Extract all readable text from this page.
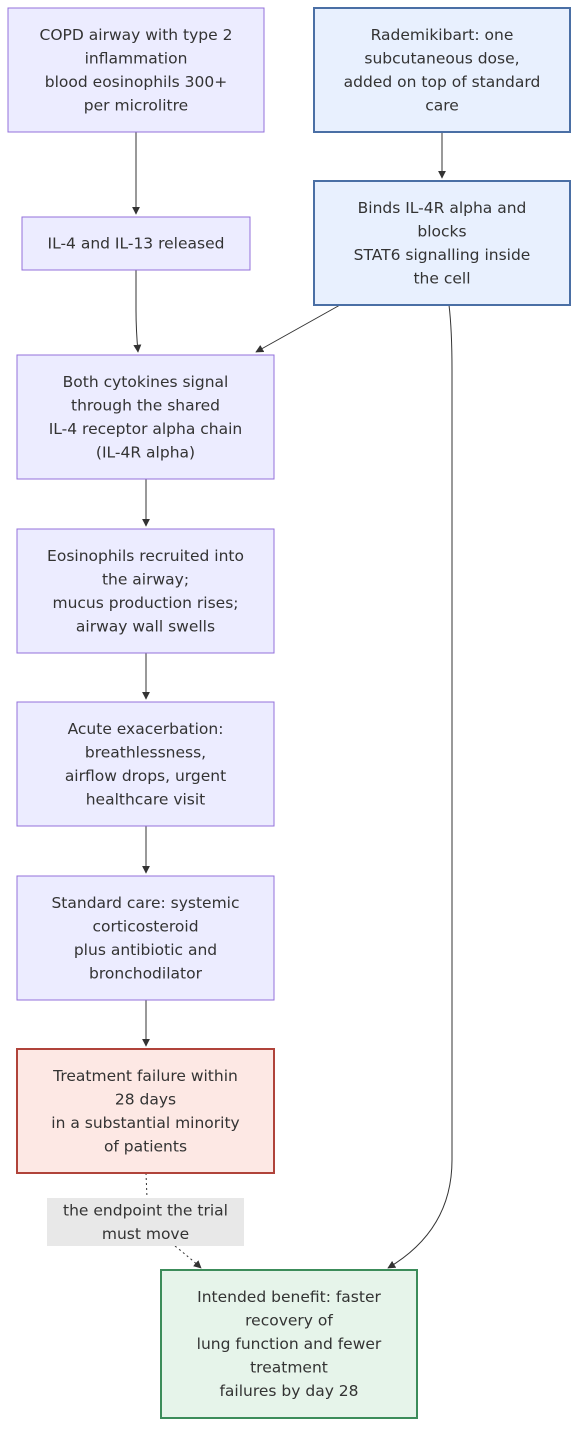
the endpoint the trial
must move
COPD airway with type 2
inflammation
blood eosinophils 300+
per microlitre
Rademikibart: one
subcutaneous dose,
added on top of standard
care
IL-4 and IL-13 released
Binds IL-4R alpha and
blocks
STAT6 signalling inside
the cell
Both cytokines signal
through the shared
IL-4 receptor alpha chain
(IL-4R alpha)
Eosinophils recruited into
the airway;
mucus production rises;
airway wall swells
Acute exacerbation:
breathlessness,
airflow drops, urgent
healthcare visit
Standard care: systemic
corticosteroid
plus antibiotic and
bronchodilator
Treatment failure within
28 days
in a substantial minority
of patients
Intended benefit: faster
recovery of
lung function and fewer
treatment
failures by day 28
